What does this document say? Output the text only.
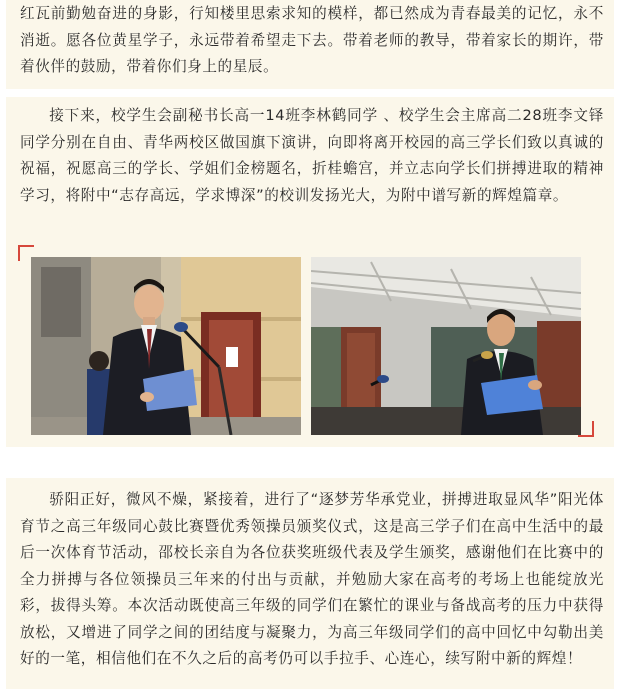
红瓦前勤勉奋进的身影，行知楼里思索求知的模样，都已然成为青春最美的记忆，永不消逝。愿各位黄星学子，永远带着希望走下去。带着老师的教导，带着家长的期许，带着伙伴的鼓励，带着你们身上的星辰。

接下来，校学生会副秘书长高一14班李林鹤同学 、校学生会主席高二28班李文铎同学分别在自由、青华两校区做国旗下演讲，向即将离开校园的高三学长们致以真诚的祝福，祝愿高三的学长、学姐们金榜题名，折桂蟾宫，并立志向学长们拼搏进取的精神学习，将附中“志存高远，学求博深”的校训发扬光大，为附中谱写新的辉煌篇章。

骄阳正好，微风不燥，紧接着，进行了“逐梦芳华承党业，拼搏进取显风华”阳光体育节之高三年级同心鼓比赛暨优秀领操员颁奖仪式，这是高三学子们在高中生活中的最后一次体育节活动，邵校长亲自为各位获奖班级代表及学生颁奖，感谢他们在比赛中的全力拼搏与各位领操员三年来的付出与贡献，并勉励大家在高考的考场上也能绽放光彩，拔得头筹。本次活动既使高三年级的同学们在繁忙的课业与备战高考的压力中获得放松，又增进了同学之间的团结度与凝聚力，为高三年级同学们的高中回忆中勾勒出美好的一笔，相信他们在不久之后的高考仍可以手拉手、心连心，续写附中新的辉煌！
